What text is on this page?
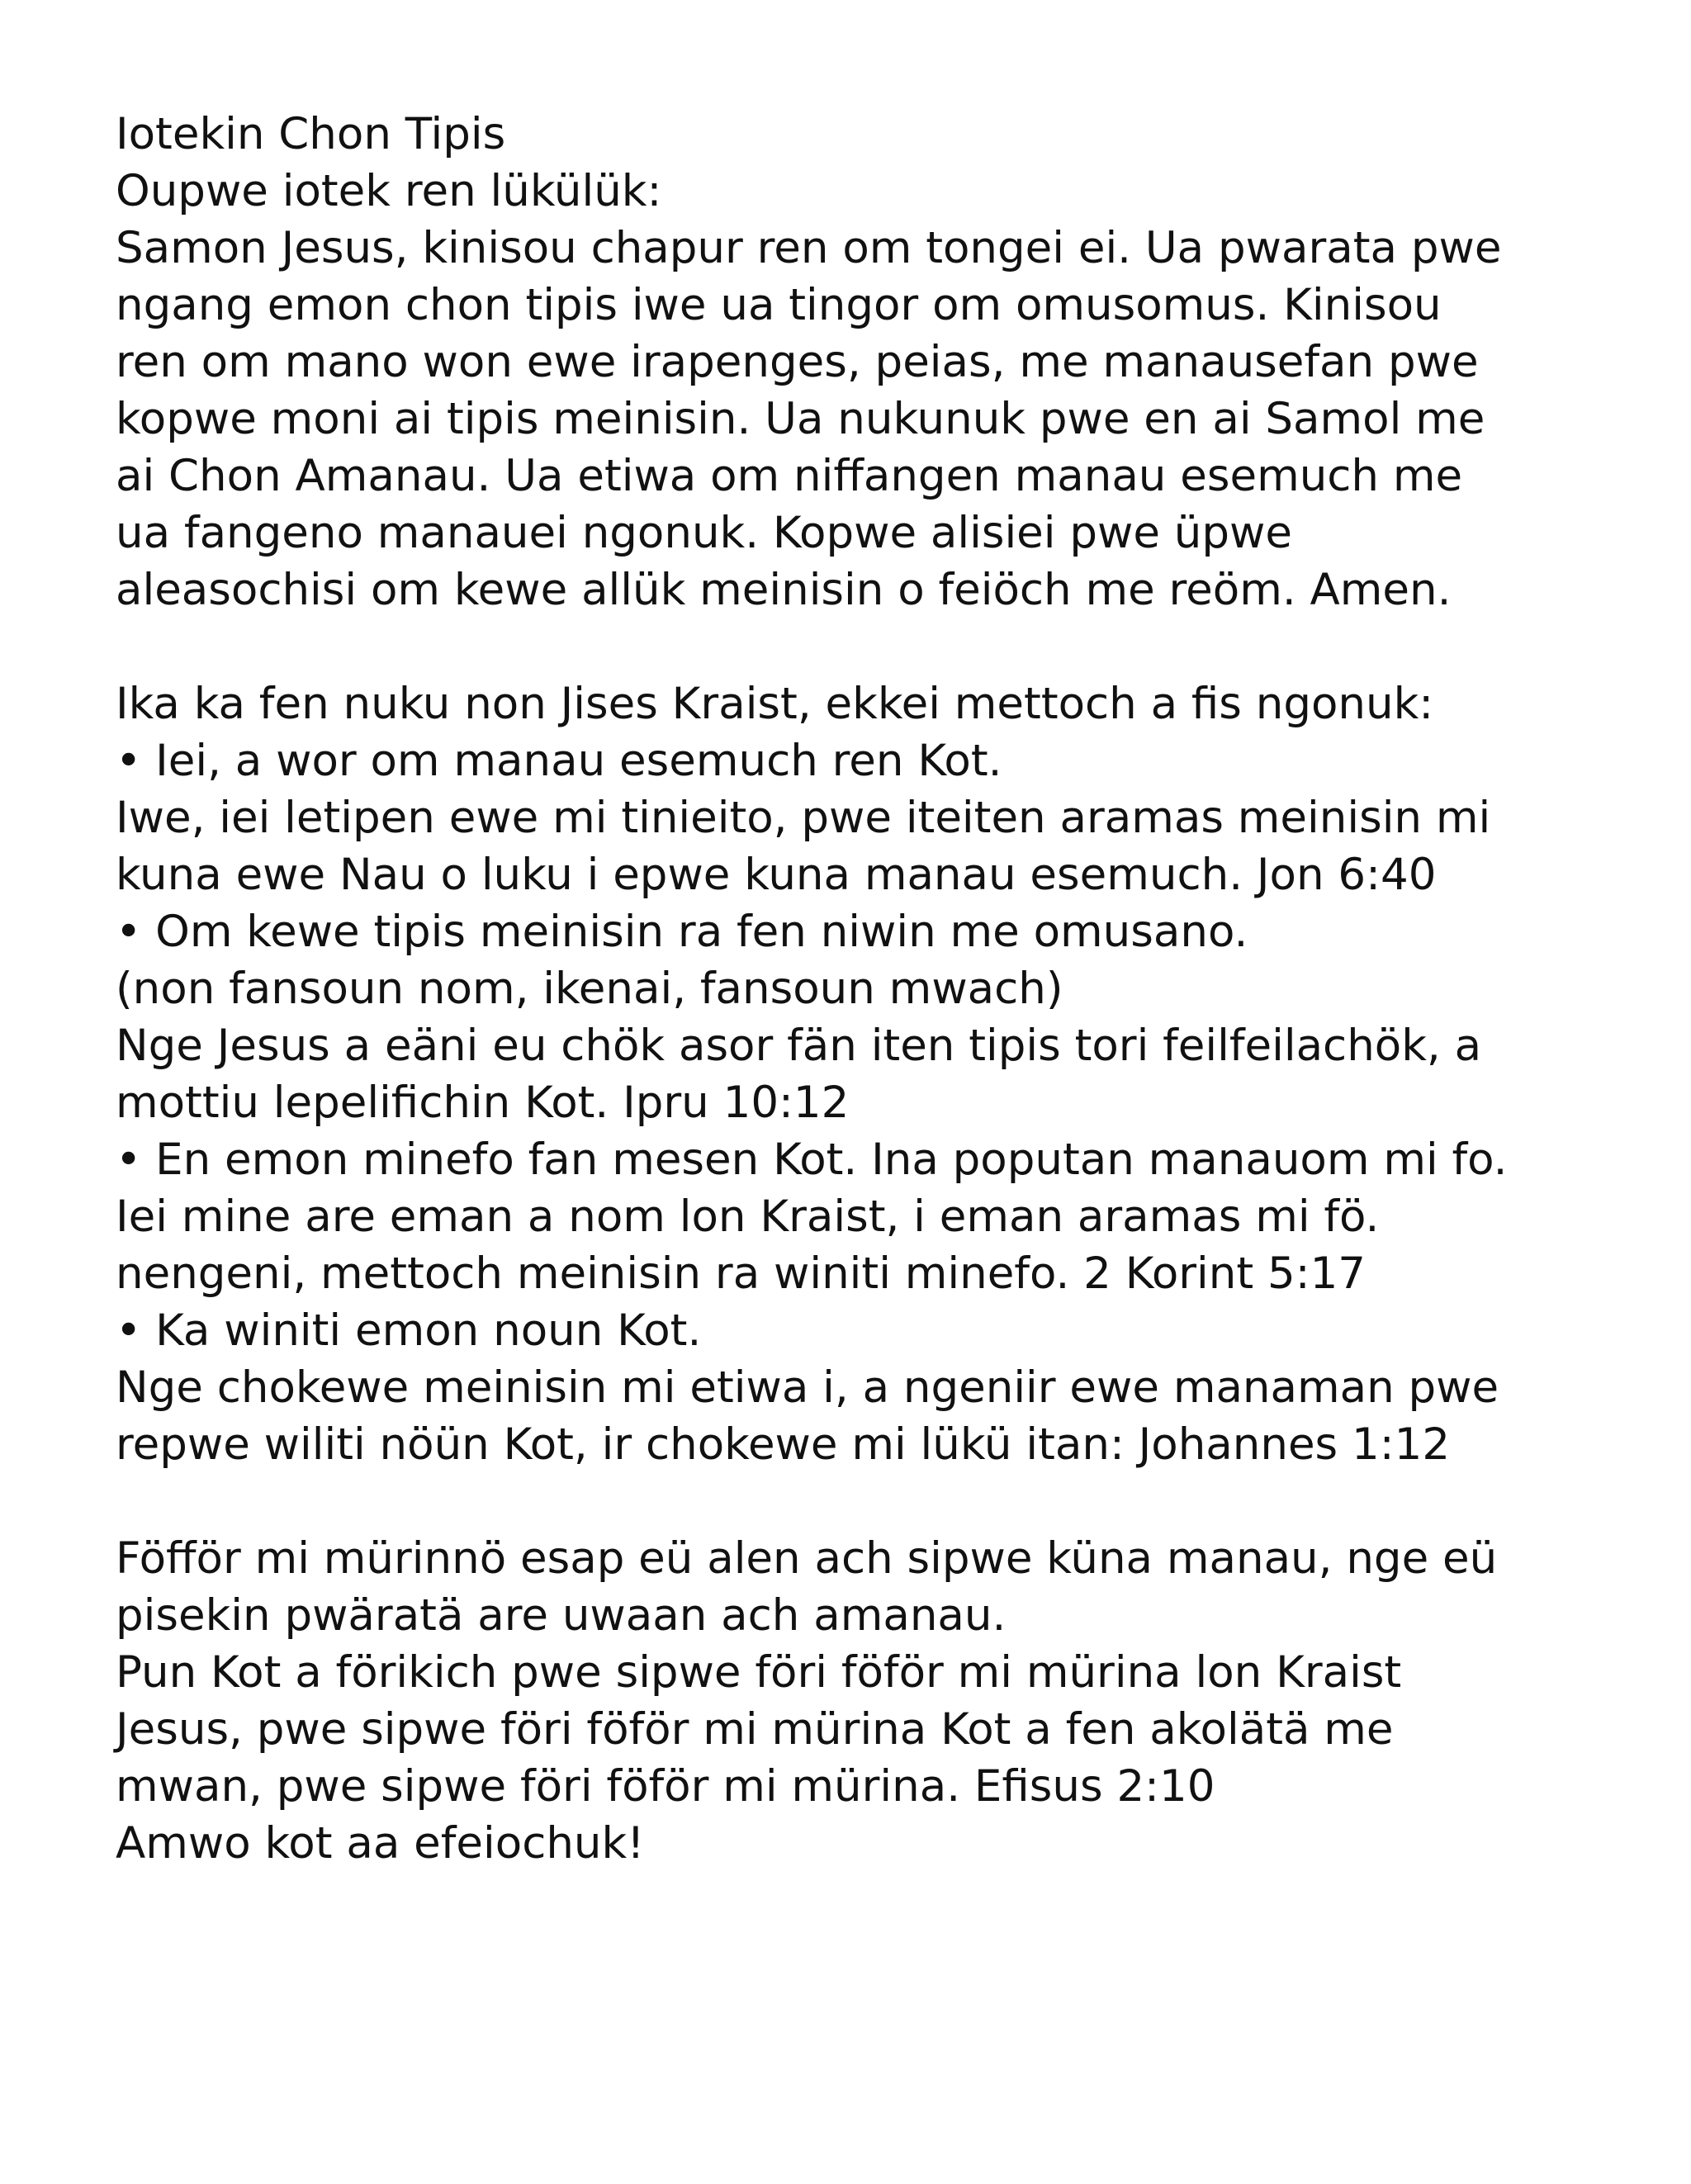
Iotekin Chon Tipis
Oupwe iotek ren lükülük:
Samon Jesus, kinisou chapur ren om tongei ei. Ua pwarata pwe
ngang emon chon tipis iwe ua tingor om omusomus. Kinisou
ren om mano won ewe irapenges, peias, me manausefan pwe
kopwe moni ai tipis meinisin. Ua nukunuk pwe en ai Samol me
ai Chon Amanau. Ua etiwa om niffangen manau esemuch me
ua fangeno manauei ngonuk. Kopwe alisiei pwe üpwe
aleasochisi om kewe allük meinisin o feiöch me reöm. Amen.
Ika ka fen nuku non Jises Kraist, ekkei mettoch a fis ngonuk:
• Iei, a wor om manau esemuch ren Kot.
Iwe, iei letipen ewe mi tinieito, pwe iteiten aramas meinisin mi
kuna ewe Nau o luku i epwe kuna manau esemuch. Jon 6:40
• Om kewe tipis meinisin ra fen niwin me omusano.
(non fansoun nom, ikenai, fansoun mwach)
Nge Jesus a eäni eu chök asor fän iten tipis tori feilfeilachök, a
mottiu lepelifichin Kot. Ipru 10:12
• En emon minefo fan mesen Kot. Ina poputan manauom mi fo.
Iei mine are eman a nom lon Kraist, i eman aramas mi fö.
nengeni, mettoch meinisin ra winiti minefo. 2 Korint 5:17
• Ka winiti emon noun Kot.
Nge chokewe meinisin mi etiwa i, a ngeniir ewe manaman pwe
repwe wiliti nöün Kot, ir chokewe mi lükü itan: Johannes 1:12
Föfför mi mürinnö esap eü alen ach sipwe küna manau, nge eü
pisekin pwäratä are uwaan ach amanau.
Pun Kot a förikich pwe sipwe föri föför mi mürina lon Kraist
Jesus, pwe sipwe föri föför mi mürina Kot a fen akolätä me
mwan, pwe sipwe föri föför mi mürina. Efisus 2:10
Amwo kot aa efeiochuk!
